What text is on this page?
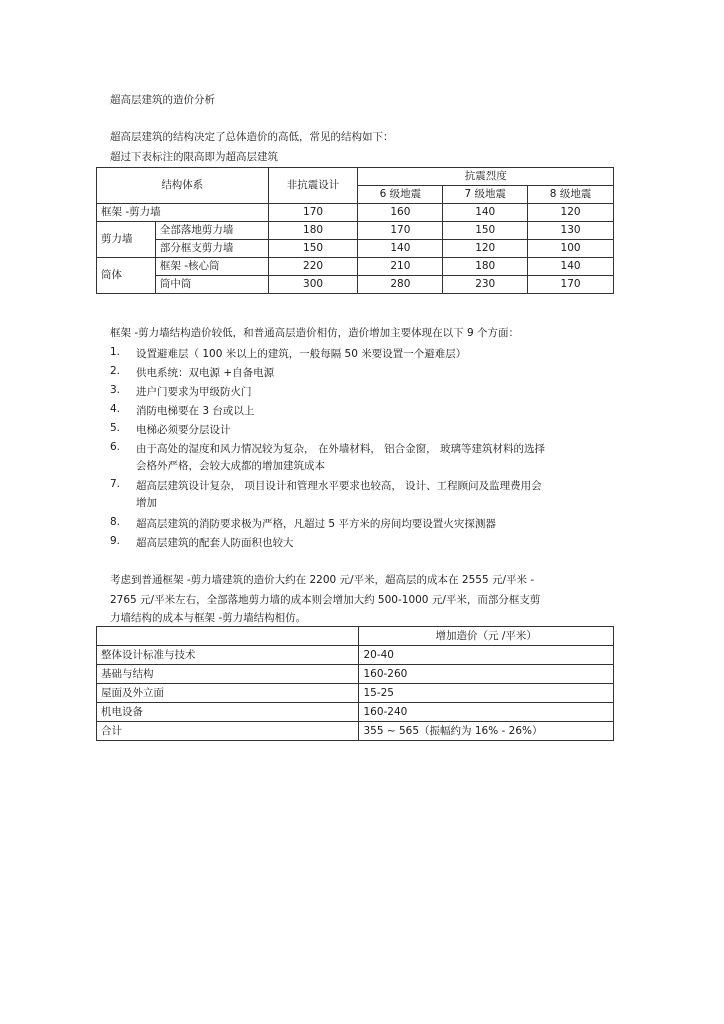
超高层建筑的造价分析
超高层建筑的结构决定了总体造价的高低，常见的结构如下：
超过下表标注的限高即为超高层建筑
结构体系		非抗震设计	抗震烈度		
			6 级地震	7 级地震	8 级地震
框架 -剪力墙		170	160	140	120
剪力墙	全部落地剪力墙	180	170	150	130
	部分框支剪力墙	150	140	120	100
筒体	框架 -核心筒	220	210	180	140
	筒中筒	300	280	230	170
框架 -剪力墙结构造价较低，和普通高层造价相仿，造价增加主要体现在以下 9 个方面：
1. 设置避难层（ 100 米以上的建筑，一般每隔 50 米要设置一个避难层）
2. 供电系统：双电源 +自备电源
3. 进户门要求为甲级防火门
4. 消防电梯要在 3 台或以上
5. 电梯必须要分层设计
6. 由于高处的湿度和风力情况较为复杂， 在外墙材料， 铝合金窗， 玻璃等建筑材料的选择
会格外严格，会较大成都的增加建筑成本
7. 超高层建筑设计复杂， 项目设计和管理水平要求也较高， 设计、工程顾问及监理费用会
增加
8. 超高层建筑的消防要求极为严格，凡超过 5 平方米的房间均要设置火灾探测器
9. 超高层建筑的配套人防面积也较大
考虑到普通框架 -剪力墙建筑的造价大约在 2200 元/平米，超高层的成本在 2555 元/平米 -
2765 元/平米左右，全部落地剪力墙的成本则会增加大约 500-1000 元/平米，而部分框支剪
力墙结构的成本与框架 -剪力墙结构相仿。
	增加造价（元 /平米）
整体设计标准与技术	20-40
基础与结构	160-260
屋面及外立面	15-25
机电设备	160-240
合计	355 ~ 565（振幅约为 16% - 26%）
